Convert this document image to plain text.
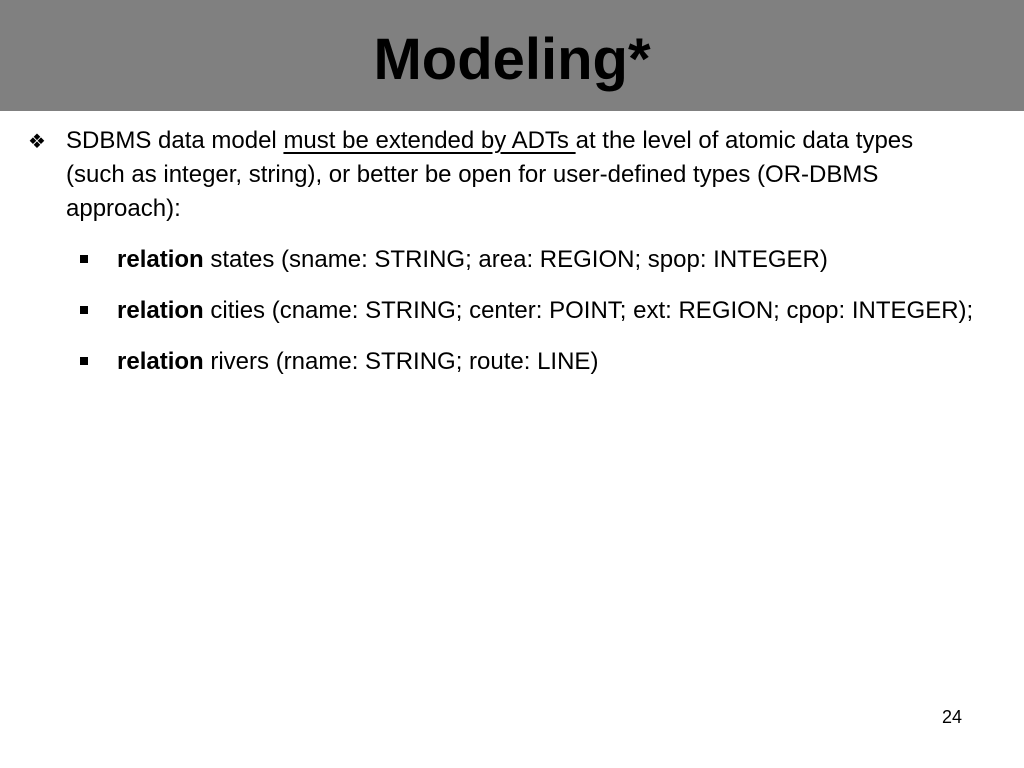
Modeling*
❖ SDBMS data model must be extended by ADTs at the level of atomic data types (such as integer, string), or better be open for user-defined types (OR-DBMS approach):
relation states (sname: STRING; area: REGION; spop: INTEGER)
relation cities (cname: STRING; center: POINT; ext: REGION; cpop: INTEGER);
relation rivers (rname: STRING; route: LINE)
24
